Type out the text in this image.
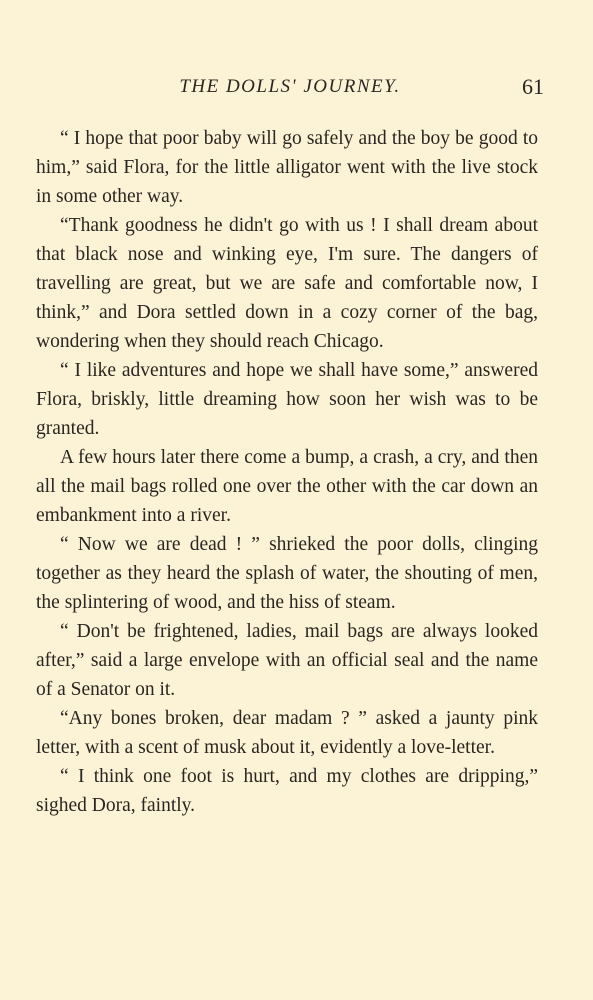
THE DOLLS' JOURNEY.	61

“ I hope that poor baby will go safely and the boy be good to him,” said Flora, for the little alligator went with the live stock in some other way.

“Thank goodness he didn't go with us ! I shall dream about that black nose and winking eye, I'm sure. The dangers of travelling are great, but we are safe and comfortable now, I think,” and Dora settled down in a cozy corner of the bag, wondering when they should reach Chicago.

“ I like adventures and hope we shall have some,” answered Flora, briskly, little dreaming how soon her wish was to be granted.

A few hours later there come a bump, a crash, a cry, and then all the mail bags rolled one over the other with the car down an embankment into a river.

“ Now we are dead ! ” shrieked the poor dolls, clinging together as they heard the splash of water, the shouting of men, the splintering of wood, and the hiss of steam.

“ Don't be frightened, ladies, mail bags are always looked after,” said a large envelope with an official seal and the name of a Senator on it.

“Any bones broken, dear madam ? ” asked a jaunty pink letter, with a scent of musk about it, evidently a love-letter.

“ I think one foot is hurt, and my clothes are dripping,” sighed Dora, faintly.
